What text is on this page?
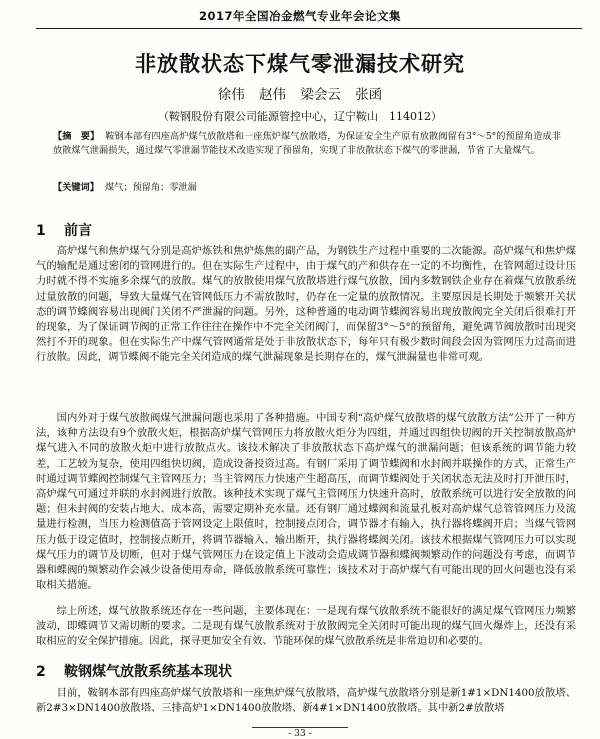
2017年全国冶金燃气专业年会论文集
非放散状态下煤气零泄漏技术研究
徐伟 赵伟 梁会云 张函
（鞍钢股份有限公司能源管控中心，辽宁鞍山　114012）
【摘　要】 鞍钢本部有四座高炉煤气放散塔和一座焦炉煤气放散塔，为保证安全生产原有放散阀留有3°～5°的预留角造成非放散煤气泄漏损失，通过煤气零泄漏节能技术改造实现了预留角，实现了非放散状态下煤气的零泄漏，节省了大量煤气。
【关键词】 煤气；预留角；零泄漏
1 前言

高炉煤气和焦炉煤气分别是高炉炼铁和焦炉炼焦的副产品，为钢铁生产过程中重要的二次能源。高炉煤气和焦炉煤气的输配是通过密闭的管网进行的。但在实际生产过程中，由于煤气的产和供存在一定的不均衡性，在管网超过设计压力时就不得不实施多余煤气的放散。煤气的放散使用煤气放散塔进行煤气放散，国内多数钢铁企业存在着煤气放散系统过量放散的问题，导致大量煤气在管网低压力不需放散时，仍存在一定量的放散情况。主要原因是长期处于频繁开关状态的调节蝶阀容易出现阀门关闭不严泄漏的问题。另外，这种普通的电动调节蝶阀容易出现放散阀完全关闭后很难打开的现象，为了保证调节阀的正常工作往往在操作中不完全关闭阀门，而保留3°～5°的预留角，避免调节阀放散时出现突然打不开的现象。但在实际生产中煤气管网通常是处于非放散状态下，每年只有极少数时间段会因为管网压力过高而进行放散。因此，调节蝶阀不能完全关闭造成的煤气泄漏现象是长期存在的，煤气泄漏量也非常可观。

国内外对于煤气放散阀煤气泄漏问题也采用了各种措施。中国专利“高炉煤气放散塔的煤气放散方法”公开了一种方法，该种方法设有9个放散火炬，根据高炉煤气管网压力将放散火炬分为四组，并通过四组快切阀的开关控制放散高炉煤气进入不同的放散火炬中进行放散点火。该技术解决了非放散状态下高炉煤气的泄漏问题；但该系统的调节能力较差，工艺较为复杂，使用四组快切阀，造成设备投资过高。有钢厂采用了调节蝶阀和水封阀并联操作的方式，正常生产时通过调节蝶阀控制煤气主管网压力；当主管网压力快速产生超高压，而调节蝶阀处于关闭状态无法及时打开泄压时，高炉煤气可通过并联的水封阀进行放散。该种技术实现了煤气主管网压力快速升高时，放散系统可以进行安全放散的问题；但未封阀的安装占地大、成本高，需要定期补充水量。还有钢厂通过蝶阀和流量孔板对高炉煤气总管管网压力及流量进行检测，当压力检测值高于管网设定上限值时，控制接点闭合，调节器才有输入，执行器将蝶阀开启；当煤气管网压力低于设定值时，控制接点断开，将调节器输入、输出断开，执行器将蝶阀关闭。该技术根据煤气管网压力可以实现煤气压力的调节及切断，但对于煤气管网压力在设定值上下波动会造成调节器和蝶阀频繁动作的问题没有考虑，而调节器和蝶阀的频繁动作会减少设备使用寿命，降低放散系统可靠性；该技术对于高炉煤气有可能出现的回火问题也没有采取相关措施。

综上所述，煤气放散系统还存在一些问题，主要体现在：一是现有煤气放散系统不能很好的满足煤气管网压力频繁波动，即蝶调节又需切断的要求。二是现有煤气放散系统对于放散阀完全关闭时可能出现的煤气回火爆炸上，还没有采取相应的安全保护措施。因此，探寻更加安全有效、节能环保的煤气放散系统是非常迫切和必要的。

2 鞍钢煤气放散系统基本现状

目前，鞍钢本部有四座高炉煤气放散塔和一座焦炉煤气放散塔，高炉煤气放散塔分别是新1#1×DN1400放散塔、新2#3×DN1400放散塔、三排高炉1×DN1400放散塔、新4#1×DN1400放散塔。其中新2#放散塔

- 33 -
